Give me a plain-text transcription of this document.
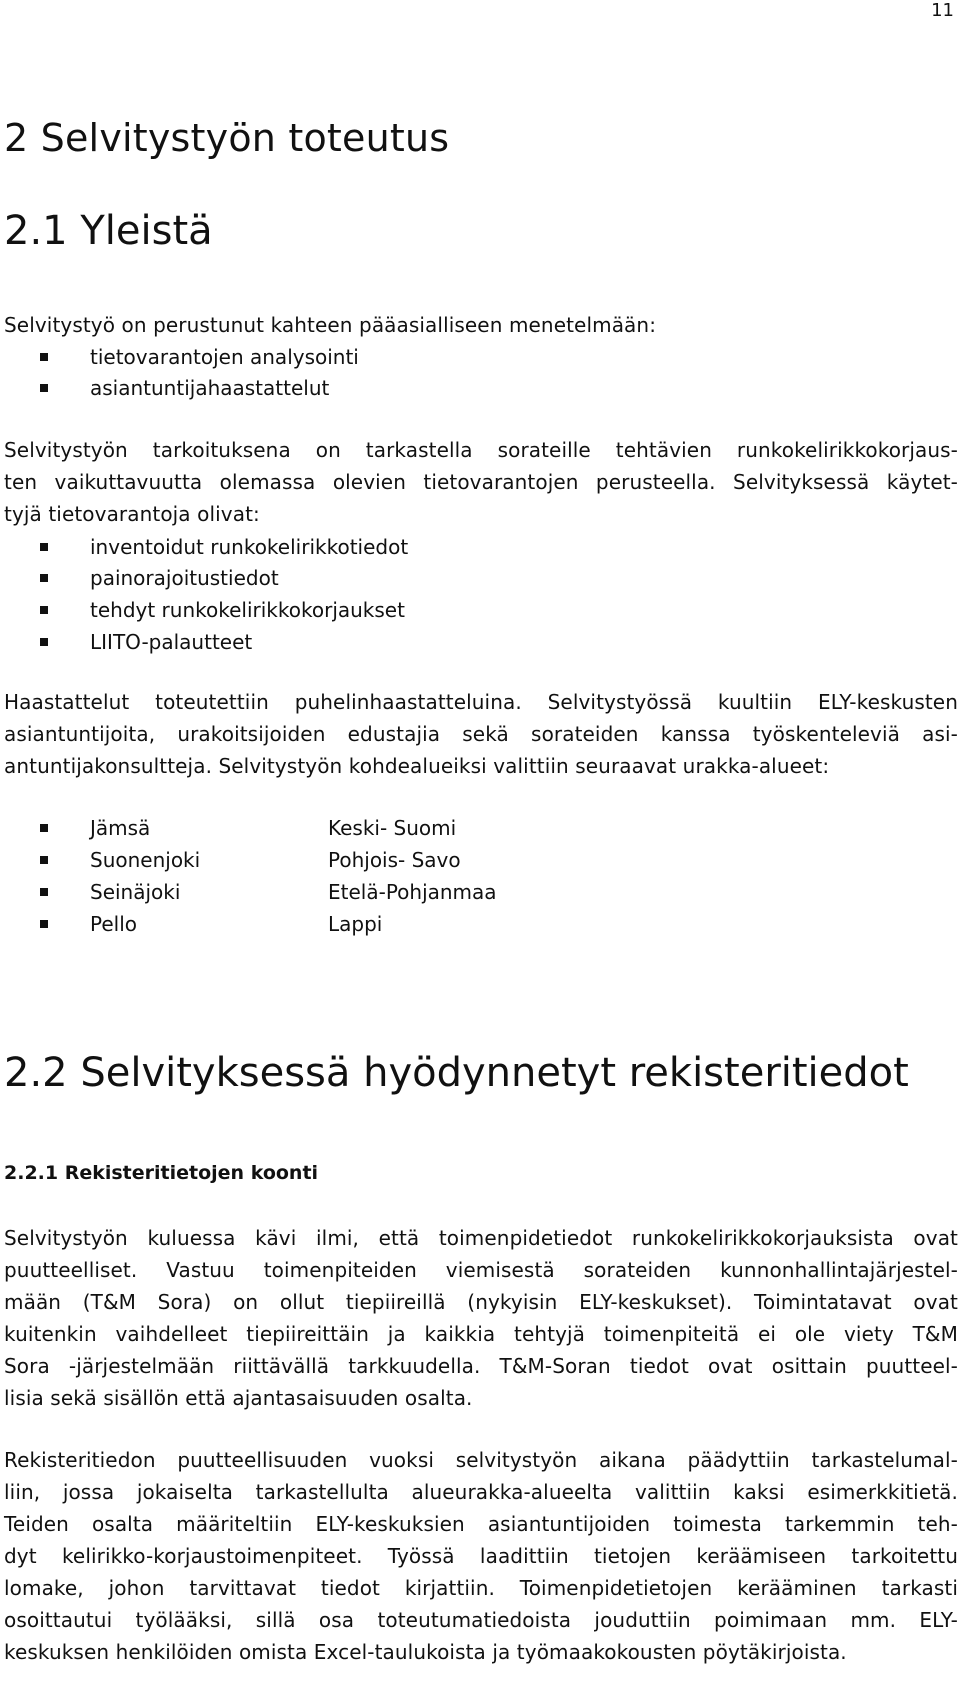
11
2 Selvitystyön toteutus
2.1 Yleistä
Selvitystyö on perustunut kahteen pääasialliseen menetelmään:
tietovarantojen analysointi
asiantuntijahaastattelut
Selvitystyön tarkoituksena on tarkastella sorateille tehtävien runkokelirikkokorjaus-
ten vaikuttavuutta olemassa olevien tietovarantojen perusteella. Selvityksessä käytet-
tyjä tietovarantoja olivat:
inventoidut runkokelirikkotiedot
painorajoitustiedot
tehdyt runkokelirikkokorjaukset
LIITO-palautteet
Haastattelut toteutettiin puhelinhaastatteluina. Selvitystyössä kuultiin ELY-keskusten
asiantuntijoita, urakoitsijoiden edustajia sekä sorateiden kanssa työskenteleviä asi-
antuntijakonsultteja. Selvitystyön kohdealueiksi valittiin seuraavat urakka-alueet:
Jämsä	Keski- Suomi
Suonenjoki	Pohjois- Savo
Seinäjoki	Etelä-Pohjanmaa
Pello	Lappi
2.2 Selvityksessä hyödynnetyt rekisteritiedot
2.2.1 Rekisteritietojen koonti
Selvitystyön kuluessa kävi ilmi, että toimenpidetiedot runkokelirikkokorjauksista ovat
puutteelliset. Vastuu toimenpiteiden viemisestä sorateiden kunnonhallintajärjestel-
mään (T&M Sora) on ollut tiepiireillä (nykyisin ELY-keskukset). Toimintatavat ovat
kuitenkin vaihdelleet tiepiireittäin ja kaikkia tehtyjä toimenpiteitä ei ole viety T&M
Sora -järjestelmään riittävällä tarkkuudella. T&M-Soran tiedot ovat osittain puutteel-
lisia sekä sisällön että ajantasaisuuden osalta.
Rekisteritiedon puutteellisuuden vuoksi selvitystyön aikana päädyttiin tarkastelumal-
liin, jossa jokaiselta tarkastellulta alueurakka-alueelta valittiin kaksi esimerkkitietä.
Teiden osalta määriteltiin ELY-keskuksien asiantuntijoiden toimesta tarkemmin teh-
dyt kelirikko-korjaustoimenpiteet. Työssä laadittiin tietojen keräämiseen tarkoitettu
lomake, johon tarvittavat tiedot kirjattiin. Toimenpidetietojen kerääminen tarkasti
osoittautui työlääksi, sillä osa toteutumatiedoista jouduttiin poimimaan mm. ELY-
keskuksen henkilöiden omista Excel-taulukoista ja työmaakokousten pöytäkirjoista.
